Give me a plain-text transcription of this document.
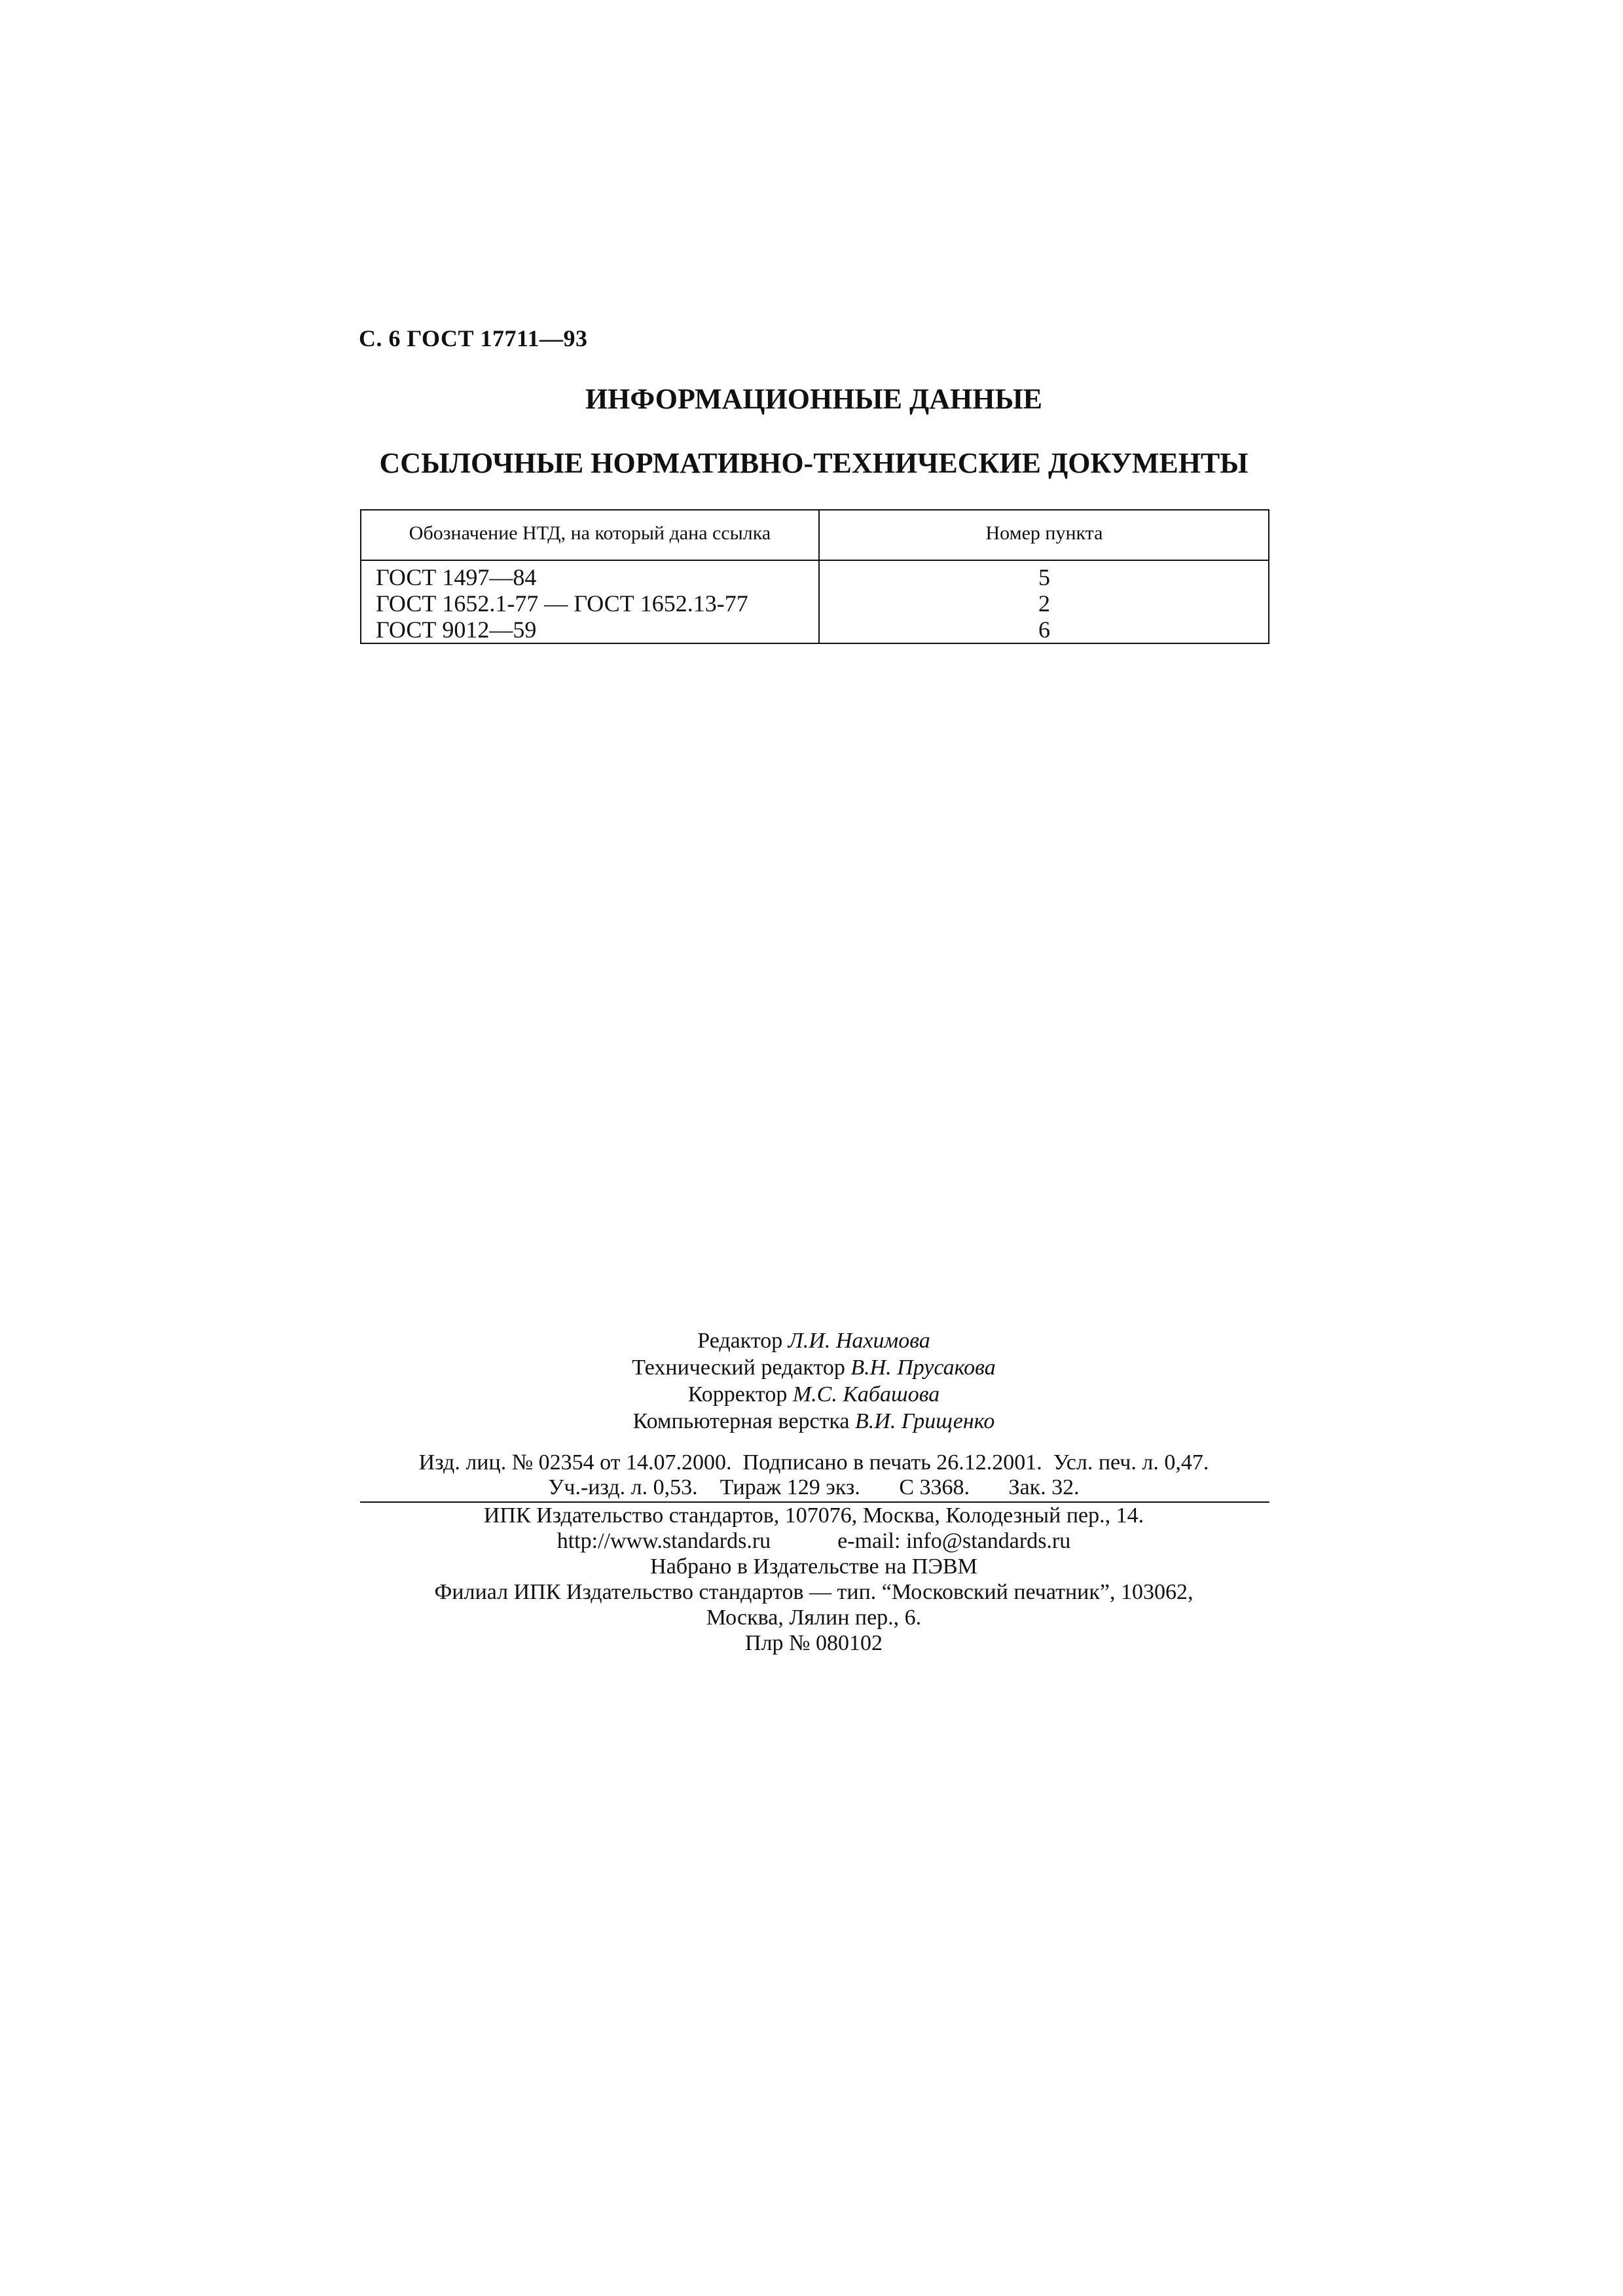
С. 6 ГОСТ 17711—93
ИНФОРМАЦИОННЫЕ ДАННЫЕ
ССЫЛОЧНЫЕ НОРМАТИВНО-ТЕХНИЧЕСКИЕ ДОКУМЕНТЫ
Обозначение НТД, на который дана ссылка	Номер пункта
ГОСТ 1497—84
ГОСТ 1652.1-77 — ГОСТ 1652.13-77
ГОСТ 9012—59
5
2
6
Редактор Л.И. Нахимова
Технический редактор В.Н. Прусакова
Корректор М.С. Кабашова
Компьютерная верстка В.И. Грищенко
Изд. лиц. № 02354 от 14.07.2000.  Подписано в печать 26.12.2001.  Усл. печ. л. 0,47.
Уч.-изд. л. 0,53.    Тираж 129 экз.       С 3368.       Зак. 32.
ИПК Издательство стандартов, 107076, Москва, Колодезный пер., 14.
http://www.standards.ru            e-mail: info@standards.ru
Набрано в Издательстве на ПЭВМ
Филиал ИПК Издательство стандартов — тип. “Московский печатник”, 103062,
Москва, Лялин пер., 6.
Плр № 080102
